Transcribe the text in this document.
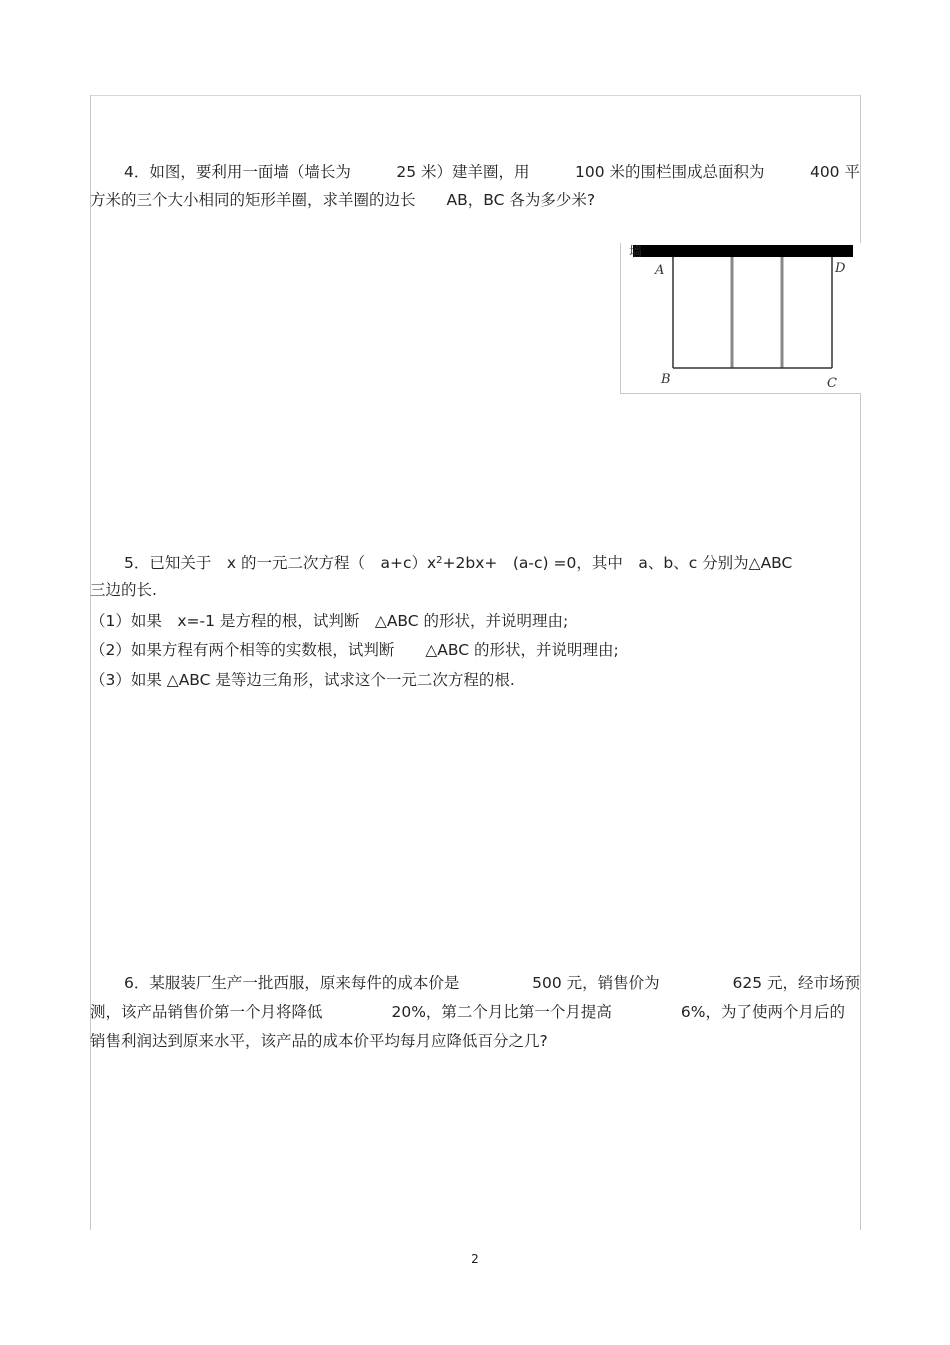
4．如图，要利用一面墙（墙长为	25 米）建羊圈，用	100 米的围栏围成总面积为	400 平
方米的三个大小相同的矩形羊圈，求羊圈的边长　　AB，BC 各为多少米?
墙
A	D
B	C
5．已知关于　x 的一元二次方程（　$a+c)x^2+2bx+$　(a-c) =0，其中　a、b、c 分别为△ABC
三边的长.
（1）如果　x=-1 是方程的根，试判断　△ABC 的形状，并说明理由;
（2）如果方程有两个相等的实数根，试判断　　△ABC 的形状，并说明理由;
（3）如果 △ABC 是等边三角形，试求这个一元二次方程的根.
6．某服装厂生产一批西服，原来每件的成本价是	500 元，销售价为	625 元，经市场预
测，该产品销售价第一个月将降低	20%，第二个月比第一个月提高	6%，为了使两个月后的
销售利润达到原来水平，该产品的成本价平均每月应降低百分之几?
2
